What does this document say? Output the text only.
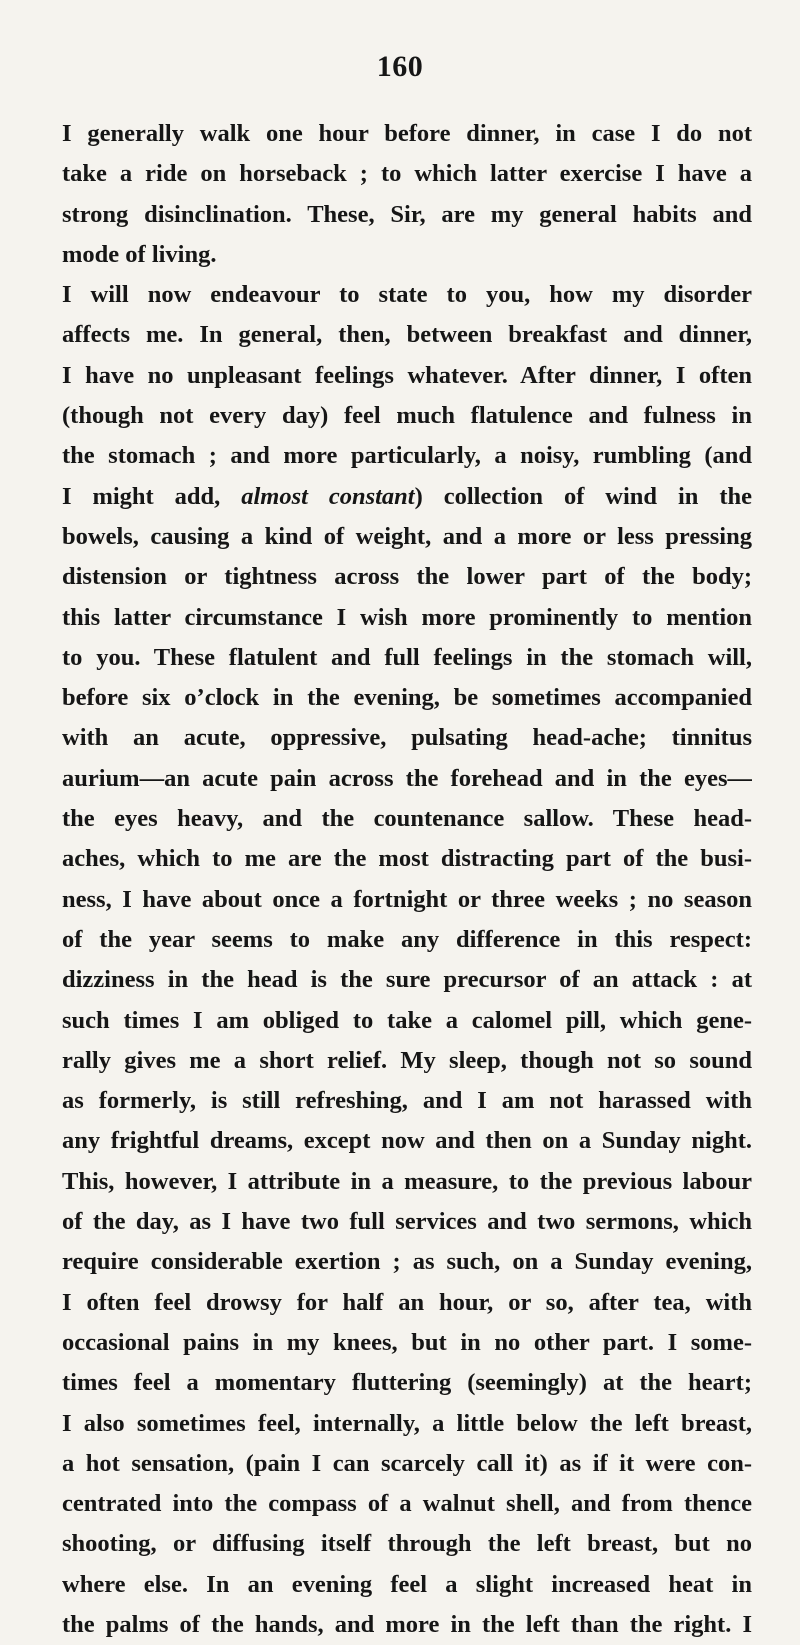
160
I generally walk one hour before dinner, in case I do not
take a ride on horseback ; to which latter exercise I have a
strong disinclination. These, Sir, are my general habits and
mode of living.
I will now endeavour to state to you, how my disorder
affects me. In general, then, between breakfast and dinner,
I have no unpleasant feelings whatever. After dinner, I often
(though not every day) feel much flatulence and fulness in
the stomach ; and more particularly, a noisy, rumbling (and
I might add, almost constant) collection of wind in the
bowels, causing a kind of weight, and a more or less pressing
distension or tightness across the lower part of the body;
this latter circumstance I wish more prominently to mention
to you. These flatulent and full feelings in the stomach will,
before six o’clock in the evening, be sometimes accompanied
with an acute, oppressive, pulsating head-ache; tinnitus
aurium—an acute pain across the forehead and in the eyes—
the eyes heavy, and the countenance sallow. These head-
aches, which to me are the most distracting part of the busi-
ness, I have about once a fortnight or three weeks ; no season
of the year seems to make any difference in this respect:
dizziness in the head is the sure precursor of an attack : at
such times I am obliged to take a calomel pill, which gene-
rally gives me a short relief. My sleep, though not so sound
as formerly, is still refreshing, and I am not harassed with
any frightful dreams, except now and then on a Sunday night.
This, however, I attribute in a measure, to the previous labour
of the day, as I have two full services and two sermons, which
require considerable exertion ; as such, on a Sunday evening,
I often feel drowsy for half an hour, or so, after tea, with
occasional pains in my knees, but in no other part. I some-
times feel a momentary fluttering (seemingly) at the heart;
I also sometimes feel, internally, a little below the left breast,
a hot sensation, (pain I can scarcely call it) as if it were con-
centrated into the compass of a walnut shell, and from thence
shooting, or diffusing itself through the left breast, but no
where else. In an evening feel a slight increased heat in
the palms of the hands, and more in the left than the right. I
